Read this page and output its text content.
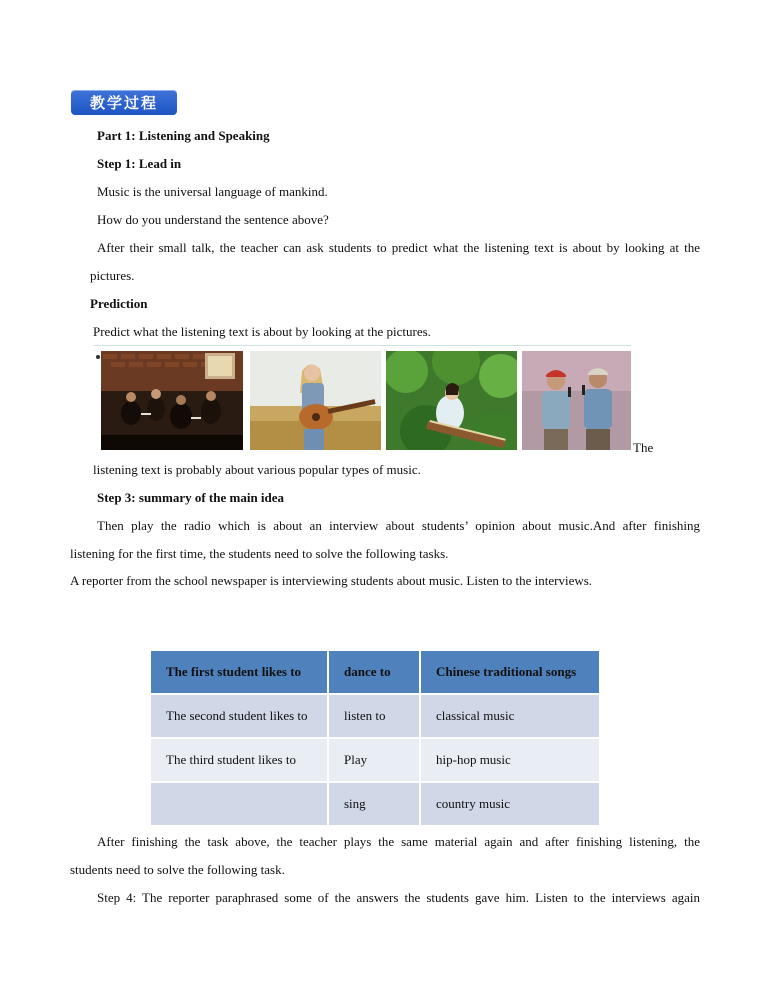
教学过程
Part 1: Listening and Speaking
Step 1: Lead in
Music is the universal language of mankind.
How do you understand the sentence above?
After their small talk, the teacher can ask students to predict what the listening text is about by looking at the
pictures.
Prediction
Predict what the listening text is about by looking at the pictures.
The
listening text is probably about various popular types of music.
Step 3: summary of the main idea
Then play the radio which is about an interview about students’ opinion about music.And after finishing
listening for the first time, the students need to solve the following tasks.
A reporter from the school newspaper is interviewing students about music. Listen to the interviews.
The first student likes to	dance to	Chinese traditional songs
The second student likes to	listen to	classical music
The third student likes to	Play	hip-hop music
	sing	country music
After finishing the task above, the teacher plays the same material again and after finishing listening, the
students need to solve the following task.
Step 4: The reporter paraphrased some of the answers the students gave him. Listen to the interviews again
